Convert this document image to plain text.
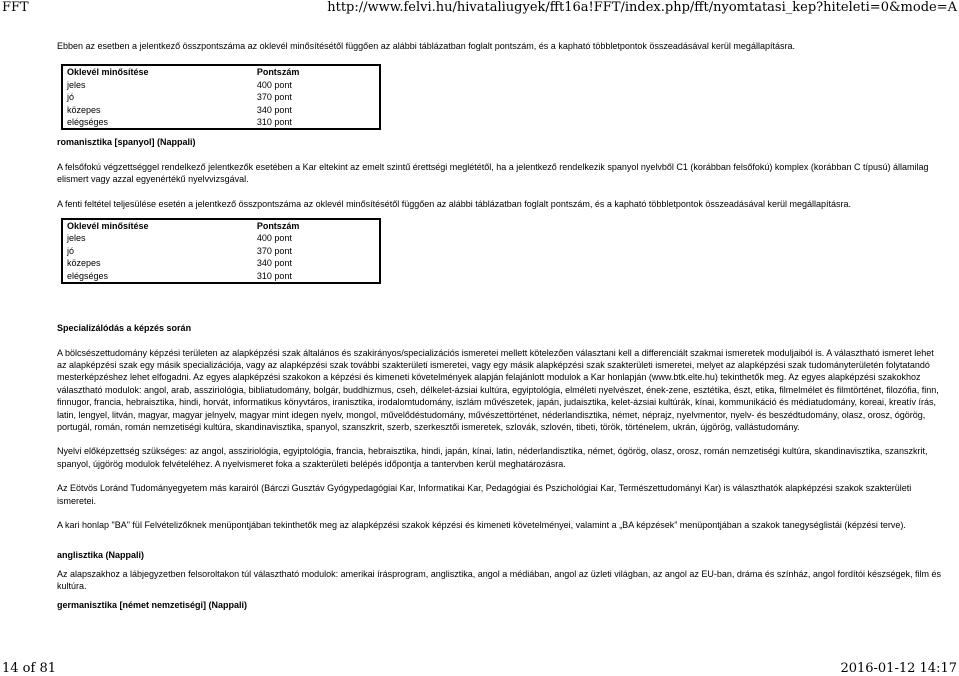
FFT	http://www.felvi.hu/hivataliugyek/fft16a!FFT/index.php/fft/nyomtatasi_kep?hiteleti=0&mode=A

Ebben az esetben a jelentkező összpontszáma az oklevél minősítésétől függően az alábbi táblázatban foglalt pontszám, és a kapható többletpontok összeadásával kerül megállapításra.

Oklevél minősítése	Pontszám
jeles	400 pont
jó	370 pont
közepes	340 pont
elégséges	310 pont

romanisztika [spanyol] (Nappali)

A felsőfokú végzettséggel rendelkező jelentkezők esetében a Kar eltekint az emelt szintű érettségi meglététől, ha a jelentkező rendelkezik spanyol nyelvből C1 (korábban felsőfokú) komplex (korábban C típusú) államilag elismert vagy azzal egyenértékű nyelvvizsgával.

A fenti feltétel teljesülése esetén a jelentkező összpontszáma az oklevél minősítésétől függően az alábbi táblázatban foglalt pontszám, és a kapható többletpontok összeadásával kerül megállapításra.

Oklevél minősítése	Pontszám
jeles	400 pont
jó	370 pont
közepes	340 pont
elégséges	310 pont

Specializálódás a képzés során

A bölcsészettudomány képzési területen az alapképzési szak általános és szakirányos/specializációs ismeretei mellett kötelezően választani kell a differenciált szakmai ismeretek moduljaiból is. A választható ismeret lehet az alapképzési szak egy másik specializációja, vagy az alapképzési szak további szakterületi ismeretei, vagy egy másik alapképzési szak szakterületi ismeretei, melyet az alapképzési szak tudományterületén folytatandó mesterképzéshez lehet elfogadni. Az egyes alapképzési szakokon a képzési és kimeneti követelmények alapján felajánlott modulok a Kar honlapján (www.btk.elte.hu) tekinthetők meg. Az egyes alapképzési szakokhoz választható modulok: angol, arab, assziriológia, bibliatudomány, bolgár, buddhizmus, cseh, délkelet-ázsiai kultúra, egyiptológia, elméleti nyelvészet, ének-zene, esztétika, észt, etika, filmelmélet és filmtörténet, filozófia, finn, finnugor, francia, hebraisztika, hindi, horvát, informatikus könyvtáros, iranisztika, irodalomtudomány, iszlám művészetek, japán, judaisztika, kelet-ázsiai kultúrák, kínai, kommunikáció és médiatudomány, koreai, kreatív írás, latin, lengyel, litván, magyar, magyar jelnyelv, magyar mint idegen nyelv, mongol, művelődéstudomány, művészettörténet, néderlandisztika, német, néprajz, nyelvmentor, nyelv- és beszédtudomány, olasz, orosz, ógörög, portugál, román, román nemzetiségi kultúra, skandinavisztika, spanyol, szanszkrit, szerb, szerkesztői ismeretek, szlovák, szlovén, tibeti, török, történelem, ukrán, újgörög, vallástudomány.

Nyelvi előképzettség szükséges: az angol, assziriológia, egyiptológia, francia, hebraisztika, hindi, japán, kínai, latin, néderlandisztika, német, ógörög, olasz, orosz, román nemzetiségi kultúra, skandinavisztika, szanszkrit, spanyol, újgörög modulok felvételéhez. A nyelvismeret foka a szakterületi belépés időpontja a tantervben kerül meghatározásra.

Az Eötvös Loránd Tudományegyetem más karairól (Bárczi Gusztáv Gyógypedagógiai Kar, Informatikai Kar, Pedagógiai és Pszichológiai Kar, Természettudományi Kar) is választhatók alapképzési szakok szakterületi ismeretei.

A kari honlap "BA" fül Felvételizőknek menüpontjában tekinthetők meg az alapképzési szakok képzési és kimeneti követelményei, valamint a „BA képzések” menüpontjában a szakok tanegységlistái (képzési terve).

anglisztika (Nappali)

Az alapszakhoz a lábjegyzetben felsoroltakon túl választható modulok: amerikai írásprogram, anglisztika, angol a médiában, angol az üzleti világban, az angol az EU-ban, dráma és színház, angol fordítói készségek, film és kultúra.

germanisztika [német nemzetiségi] (Nappali)

14 of 81	2016-01-12 14:17
